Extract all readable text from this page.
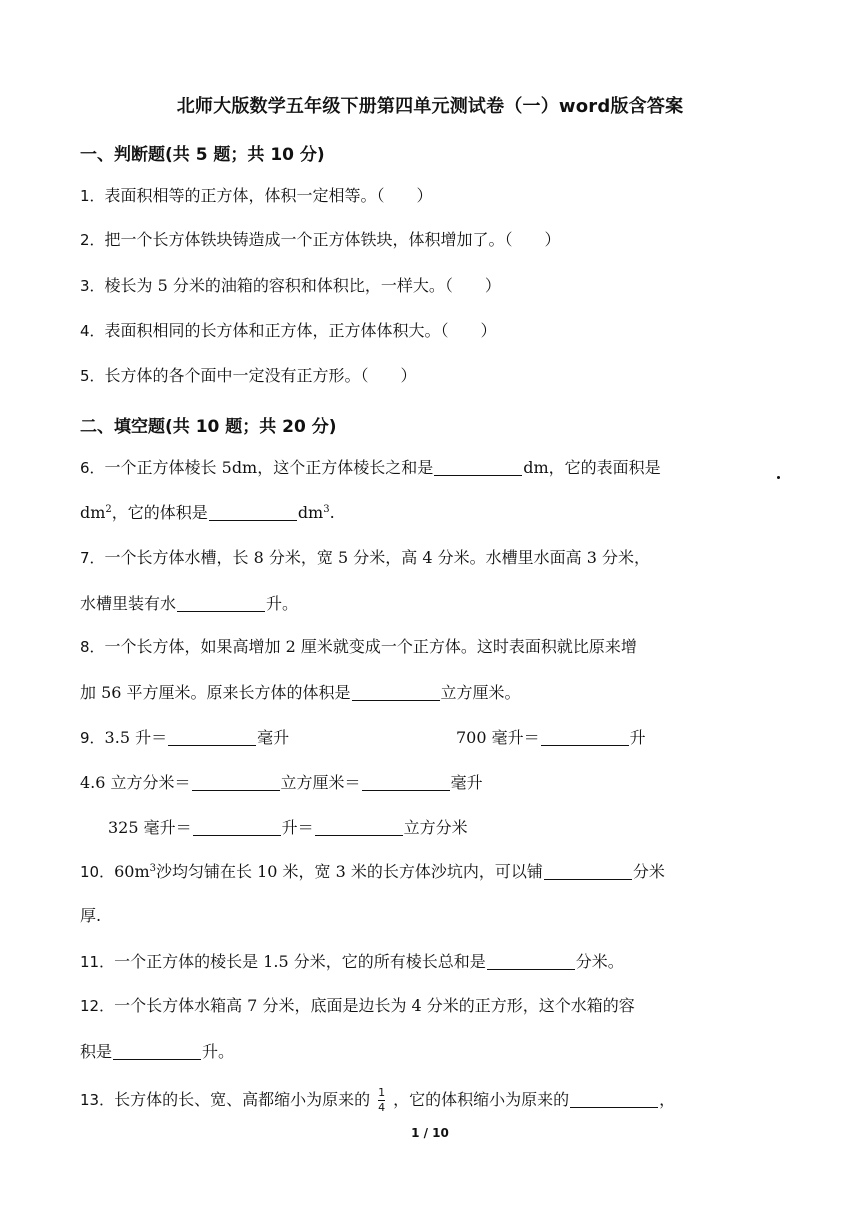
北师大版数学五年级下册第四单元测试卷（一）word版含答案
一、判断题(共 5 题；共 10 分)
1．表面积相等的正方体，体积一定相等。（　　）
2．把一个长方体铁块铸造成一个正方体铁块，体积增加了。（　　）
3．棱长为 5 分米的油箱的容积和体积比，一样大。（　　）
4．表面积相同的长方体和正方体，正方体体积大。（　　）
5．长方体的各个面中一定没有正方形。（　　）
二、填空题(共 10 题；共 20 分)
6．一个正方体棱长 5dm，这个正方体棱长之和是	dm，它的表面积是
$dm^2$，它的体积是	$dm^3$.
7．一个长方体水槽，长 8 分米，宽 5 分米，高 4 分米。水槽里水面高 3 分米，
水槽里装有水	升。
8．一个长方体，如果高增加 2 厘米就变成一个正方体。这时表面积就比原来增
加 56 平方厘米。原来长方体的体积是	立方厘米。
9．3.5 升＝	毫升	700 毫升＝	升
4.6 立方分米＝	立方厘米＝	毫升
325 毫升＝	升＝	立方分米
10．$60m^3$沙均匀铺在长 10 米，宽 3 米的长方体沙坑内，可以铺	分米
厚.
11．一个正方体的棱长是 1.5 分米，它的所有棱长总和是	分米。
12．一个长方体水箱高 7 分米，底面是边长为 4 分米的正方形，这个水箱的容
积是	升。
13．长方体的长、宽、高都缩小为原来的 $\frac{1}{4}$ ，它的体积缩小为原来的	，
1 / 10
